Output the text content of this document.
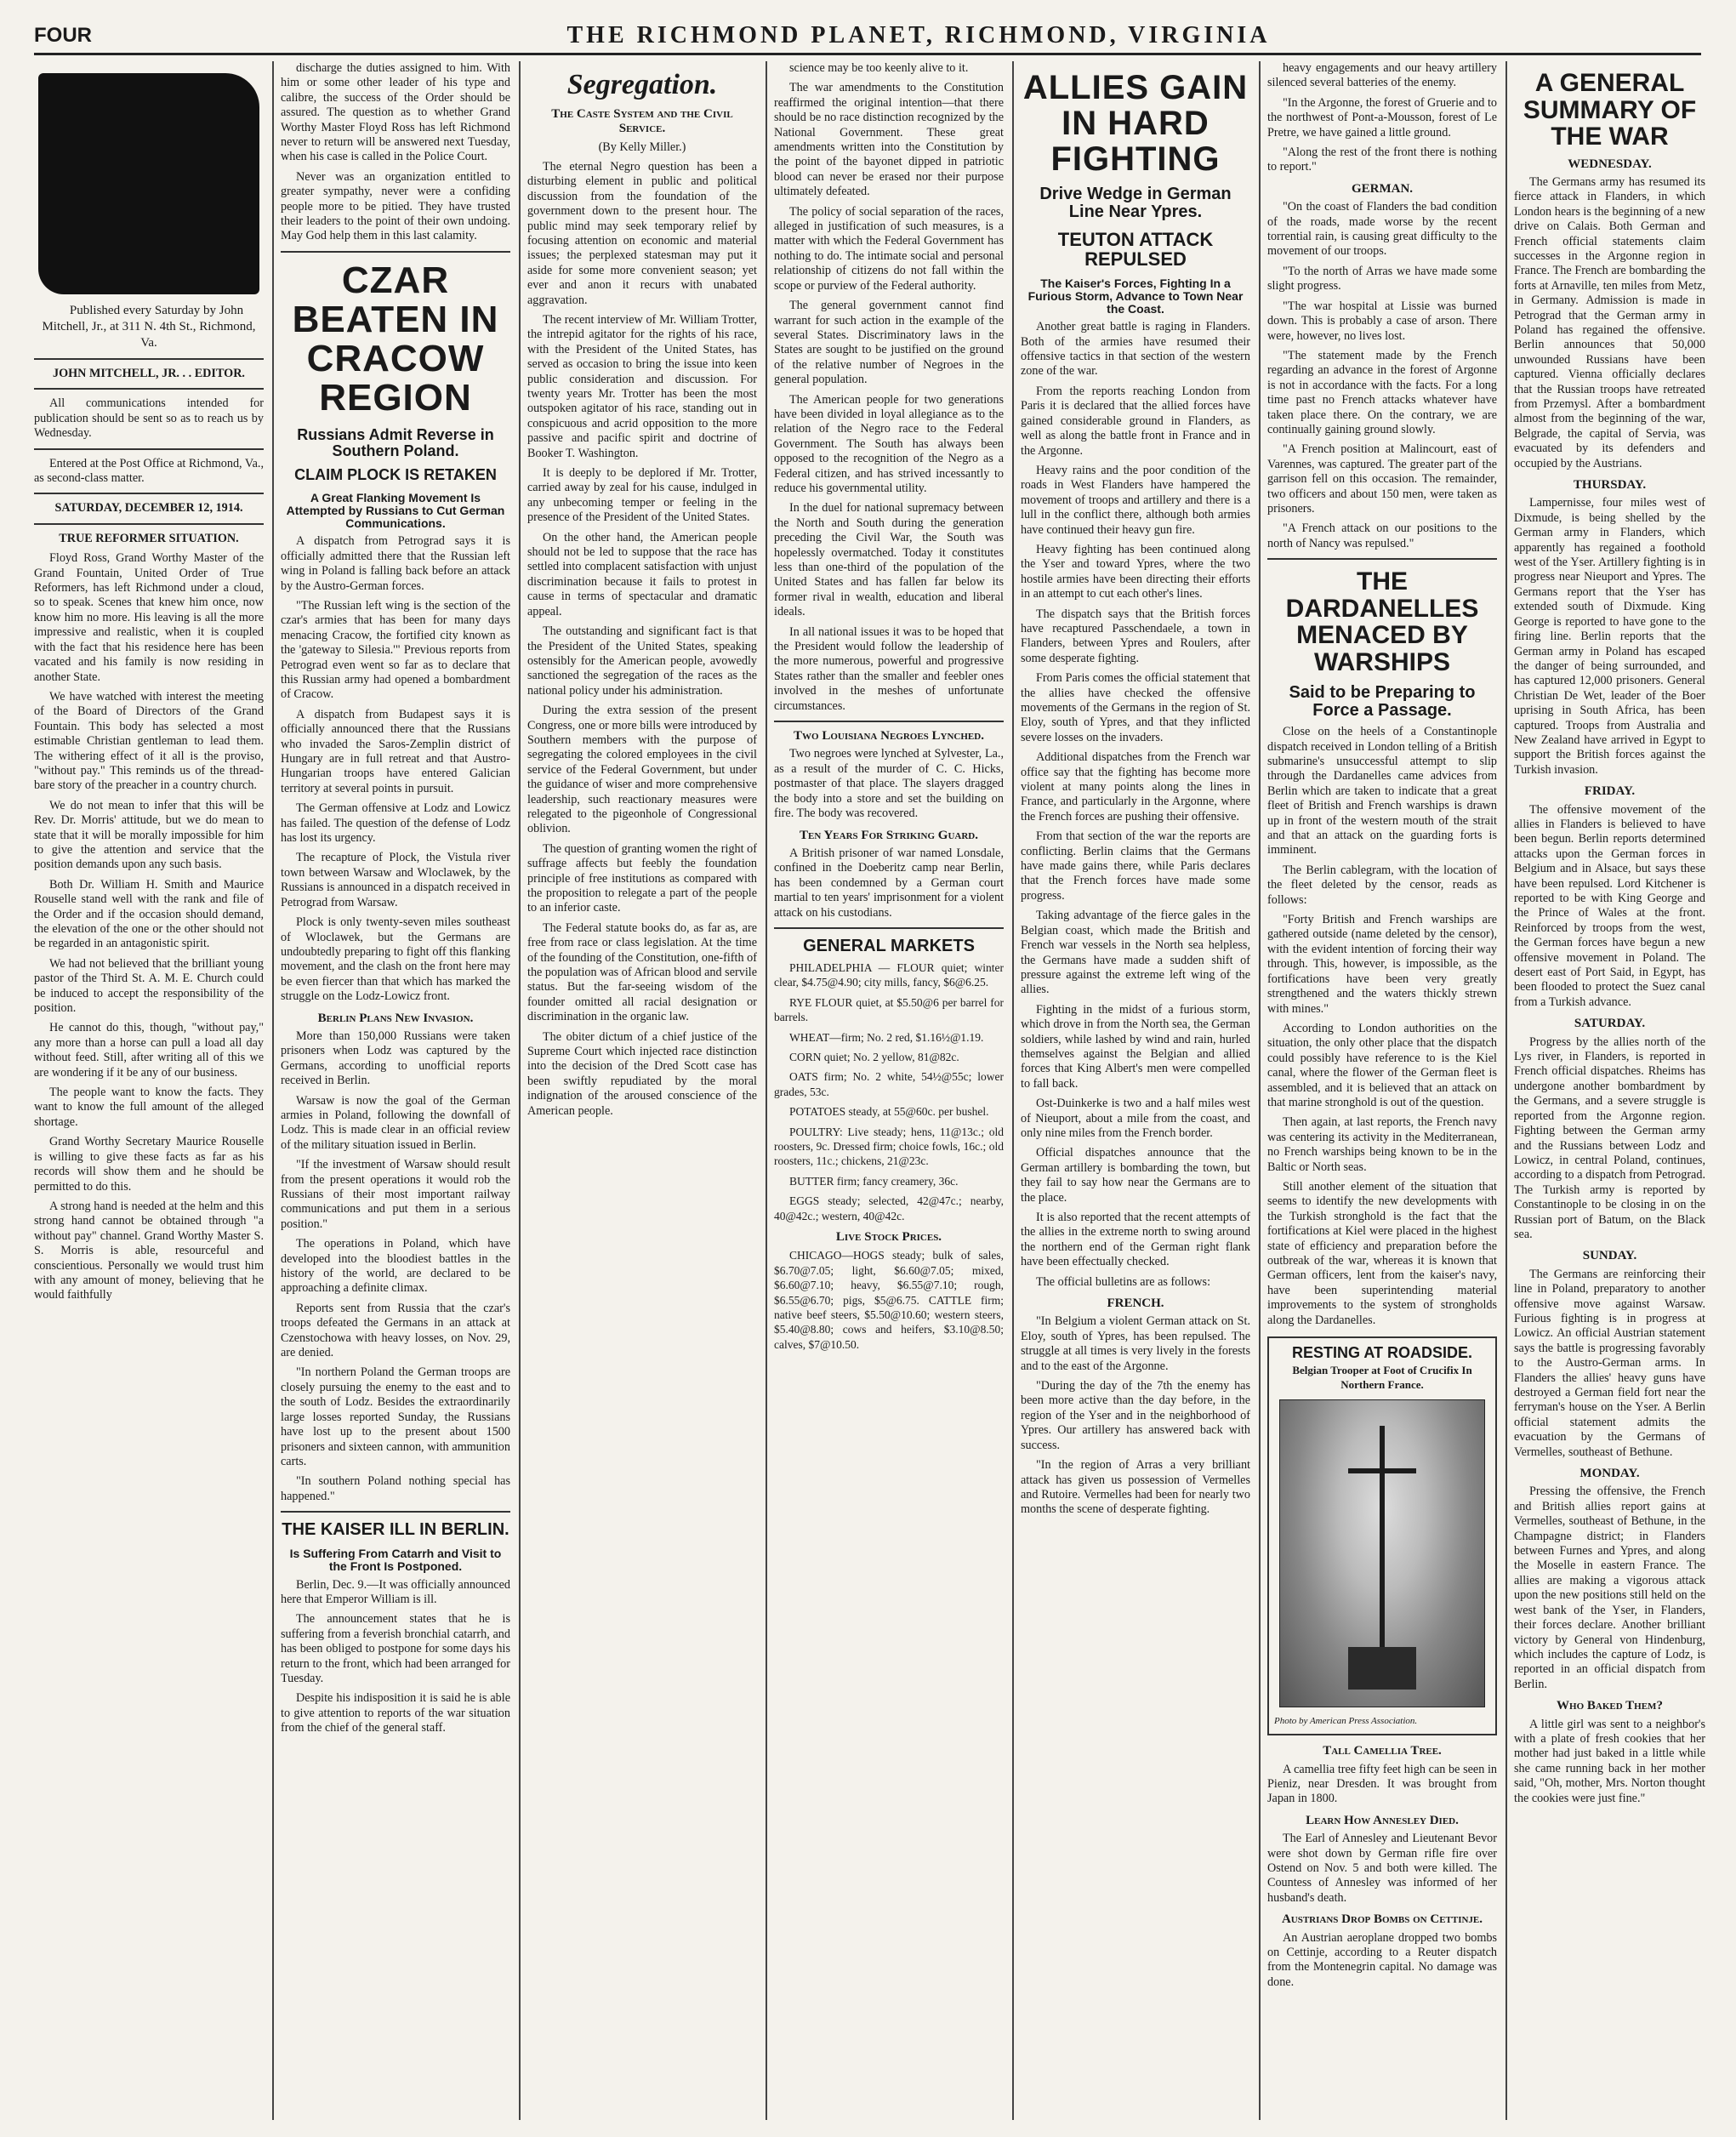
FOUR	THE RICHMOND PLANET, RICHMOND, VIRGINIA

Published every Saturday by John Mitchell, Jr., at 311 N. 4th St., Richmond, Va.

JOHN MITCHELL, JR. . . EDITOR.

All communications intended for publication should be sent so as to reach us by Wednesday.

Entered at the Post Office at Richmond, Va., as second-class matter.

SATURDAY, DECEMBER 12, 1914.

TRUE REFORMER SITUATION.

Floyd Ross, Grand Worthy Master of the Grand Fountain, United Order of True Reformers, has left Richmond under a cloud, so to speak. Scenes that knew him once, now know him no more. His leaving is all the more impressive and realistic, when it is coupled with the fact that his residence here has been vacated and his family is now residing in another State.

We have watched with interest the meeting of the Board of Directors of the Grand Fountain. This body has selected a most estimable Christian gentleman to lead them. The withering effect of it all is the proviso, "without pay." This reminds us of the thread-bare story of the preacher in a country church.

We do not mean to infer that this will be Rev. Dr. Morris' attitude, but we do mean to state that it will be morally impossible for him to give the attention and service that the position demands upon any such basis.

Both Dr. William H. Smith and Maurice Rouselle stand well with the rank and file of the Order and if the occasion should demand, the elevation of the one or the other should not be regarded in an antagonistic spirit.

We had not believed that the brilliant young pastor of the Third St. A. M. E. Church could be induced to accept the responsibility of the position.

He cannot do this, though, "without pay," any more than a horse can pull a load all day without feed. Still, after writing all of this we are wondering if it be any of our business.

The people want to know the facts. They want to know the full amount of the alleged shortage.

Grand Worthy Secretary Maurice Rouselle is willing to give these facts as far as his records will show them and he should be permitted to do this.

A strong hand is needed at the helm and this strong hand cannot be obtained through "a without pay" channel. Grand Worthy Master S. S. Morris is able, resourceful and conscientious. Personally we would trust him with any amount of money, believing that he would faithfully

discharge the duties assigned to him. With him or some other leader of his type and calibre, the success of the Order should be assured. The question as to whether Grand Worthy Master Floyd Ross has left Richmond never to return will be answered next Tuesday, when his case is called in the Police Court.

Never was an organization entitled to greater sympathy, never were a confiding people more to be pitied. They have trusted their leaders to the point of their own undoing. May God help them in this last calamity.

CZAR BEATEN IN CRACOW REGION
Russians Admit Reverse in Southern Poland.
CLAIM PLOCK IS RETAKEN
A Great Flanking Movement Is Attempted by Russians to Cut German Communications.

A dispatch from Petrograd says it is officially admitted there that the Russian left wing in Poland is falling back before an attack by the Austro-German forces.

"The Russian left wing is the section of the czar's armies that has been for many days menacing Cracow, the fortified city known as the 'gateway to Silesia.'" Previous reports from Petrograd even went so far as to declare that this Russian army had opened a bombardment of Cracow.

A dispatch from Budapest says it is officially announced there that the Russians who invaded the Saros-Zemplin district of Hungary are in full retreat and that Austro-Hungarian troops have entered Galician territory at several points in pursuit.

The German offensive at Lodz and Lowicz has failed. The question of the defense of Lodz has lost its urgency.

The recapture of Plock, the Vistula river town between Warsaw and Wloclawek, by the Russians is announced in a dispatch received in Petrograd from Warsaw.

Plock is only twenty-seven miles southeast of Wloclawek, but the Germans are undoubtedly preparing to fight off this flanking movement, and the clash on the front here may be even fiercer than that which has marked the struggle on the Lodz-Lowicz front.

Berlin Plans New Invasion.

More than 150,000 Russians were taken prisoners when Lodz was captured by the Germans, according to unofficial reports received in Berlin.

Warsaw is now the goal of the German armies in Poland, following the downfall of Lodz. This is made clear in an official review of the military situation issued in Berlin.

"If the investment of Warsaw should result from the present operations it would rob the Russians of their most important railway communications and put them in a serious position."

The operations in Poland, which have developed into the bloodiest battles in the history of the world, are declared to be approaching a definite climax.

Reports sent from Russia that the czar's troops defeated the Germans in an attack at Czenstochowa with heavy losses, on Nov. 29, are denied.

"In northern Poland the German troops are closely pursuing the enemy to the east and to the south of Lodz. Besides the extraordinarily large losses reported Sunday, the Russians have lost up to the present about 1500 prisoners and sixteen cannon, with ammunition carts.

"In southern Poland nothing special has happened."

THE KAISER ILL IN BERLIN.
Is Suffering From Catarrh and Visit to the Front Is Postponed.

Berlin, Dec. 9.—It was officially announced here that Emperor William is ill.

The announcement states that he is suffering from a feverish bronchial catarrh, and has been obliged to postpone for some days his return to the front, which had been arranged for Tuesday.

Despite his indisposition it is said he is able to give attention to reports of the war situation from the chief of the general staff.

Segregation.
The Caste System and the Civil Service.

(By Kelly Miller.)

The eternal Negro question has been a disturbing element in public and political discussion from the foundation of the government down to the present hour. The public mind may seek temporary relief by focusing attention on economic and material issues; the perplexed statesman may put it aside for some more convenient season; yet ever and anon it recurs with unabated aggravation.

The recent interview of Mr. William Trotter, the intrepid agitator for the rights of his race, with the President of the United States, has served as occasion to bring the issue into keen public consideration and discussion. For twenty years Mr. Trotter has been the most outspoken agitator of his race, standing out in conspicuous and acrid opposition to the more passive and pacific spirit and doctrine of Booker T. Washington.

It is deeply to be deplored if Mr. Trotter, carried away by zeal for his cause, indulged in any unbecoming temper or feeling in the presence of the President of the United States.

On the other hand, the American people should not be led to suppose that the race has settled into complacent satisfaction with unjust discrimination because it fails to protest in cause in terms of spectacular and dramatic appeal.

The outstanding and significant fact is that the President of the United States, speaking ostensibly for the American people, avowedly sanctioned the segregation of the races as the national policy under his administration.

During the extra session of the present Congress, one or more bills were introduced by Southern members with the purpose of segregating the colored employees in the civil service of the Federal Government, but under the guidance of wiser and more comprehensive leadership, such reactionary measures were relegated to the pigeonhole of Congressional oblivion.

The question of granting women the right of suffrage affects but feebly the foundation principle of free institutions as compared with the proposition to relegate a part of the people to an inferior caste.

The Federal statute books do, as far as, are free from race or class legislation. At the time of the founding of the Constitution, one-fifth of the population was of African blood and servile status. But the far-seeing wisdom of the founder omitted all racial designation or discrimination in the organic law.

The obiter dictum of a chief justice of the Supreme Court which injected race distinction into the decision of the Dred Scott case has been swiftly repudiated by the moral indignation of the aroused conscience of the American people.

science may be too keenly alive to it.

The war amendments to the Constitution reaffirmed the original intention—that there should be no race distinction recognized by the National Government. These great amendments written into the Constitution by the point of the bayonet dipped in patriotic blood can never be erased nor their purpose ultimately defeated.

The policy of social separation of the races, alleged in justification of such measures, is a matter with which the Federal Government has nothing to do. The intimate social and personal relationship of citizens do not fall within the scope or purview of the Federal authority.

The general government cannot find warrant for such action in the example of the several States. Discriminatory laws in the States are sought to be justified on the ground of the relative number of Negroes in the general population.

The American people for two generations have been divided in loyal allegiance as to the relation of the Negro race to the Federal Government. The South has always been opposed to the recognition of the Negro as a Federal citizen, and has strived incessantly to reduce his governmental utility.

In the duel for national supremacy between the North and South during the generation preceding the Civil War, the South was hopelessly overmatched. Today it constitutes less than one-third of the population of the United States and has fallen far below its former rival in wealth, education and liberal ideals.

In all national issues it was to be hoped that the President would follow the leadership of the more numerous, powerful and progressive States rather than the smaller and feebler ones involved in the meshes of unfortunate circumstances.

Two Louisiana Negroes Lynched.

Two negroes were lynched at Sylvester, La., as a result of the murder of C. C. Hicks, postmaster of that place. The slayers dragged the body into a store and set the building on fire. The body was recovered.

Ten Years For Striking Guard.

A British prisoner of war named Lonsdale, confined in the Doeberitz camp near Berlin, has been condemned by a German court martial to ten years' imprisonment for a violent attack on his custodians.

GENERAL MARKETS

PHILADELPHIA — FLOUR quiet; winter clear, $4.75@4.90; city mills, fancy, $6@6.25.

RYE FLOUR quiet, at $5.50@6 per barrel for barrels.

WHEAT—firm; No. 2 red, $1.16½@1.19.

CORN quiet; No. 2 yellow, 81@82c.

OATS firm; No. 2 white, 54½@55c; lower grades, 53c.

POTATOES steady, at 55@60c. per bushel.

POULTRY: Live steady; hens, 11@13c.; old roosters, 9c. Dressed firm; choice fowls, 16c.; old roosters, 11c.; chickens, 21@23c.

BUTTER firm; fancy creamery, 36c.

EGGS steady; selected, 42@47c.; nearby, 40@42c.; western, 40@42c.

Live Stock Prices.

CHICAGO—HOGS steady; bulk of sales, $6.70@7.05; light, $6.60@7.05; mixed, $6.60@7.10; heavy, $6.55@7.10; rough, $6.55@6.70; pigs, $5@6.75. CATTLE firm; native beef steers, $5.50@10.60; western steers, $5.40@8.80; cows and heifers, $3.10@8.50; calves, $7@10.50.

ALLIES GAIN IN HARD FIGHTING
Drive Wedge in German Line Near Ypres.
TEUTON ATTACK REPULSED
The Kaiser's Forces, Fighting In a Furious Storm, Advance to Town Near the Coast.

Another great battle is raging in Flanders. Both of the armies have resumed their offensive tactics in that section of the western zone of the war.

From the reports reaching London from Paris it is declared that the allied forces have gained considerable ground in Flanders, as well as along the battle front in France and in the Argonne.

Heavy rains and the poor condition of the roads in West Flanders have hampered the movement of troops and artillery and there is a lull in the conflict there, although both armies have continued their heavy gun fire.

Heavy fighting has been continued along the Yser and toward Ypres, where the two hostile armies have been directing their efforts in an attempt to cut each other's lines.

The dispatch says that the British forces have recaptured Passchendaele, a town in Flanders, between Ypres and Roulers, after some desperate fighting.

From Paris comes the official statement that the allies have checked the offensive movements of the Germans in the region of St. Eloy, south of Ypres, and that they inflicted severe losses on the invaders.

Additional dispatches from the French war office say that the fighting has become more violent at many points along the lines in France, and particularly in the Argonne, where the French forces are pushing their offensive.

From that section of the war the reports are conflicting. Berlin claims that the Germans have made gains there, while Paris declares that the French forces have made some progress.

Taking advantage of the fierce gales in the Belgian coast, which made the British and French war vessels in the North sea helpless, the Germans have made a sudden shift of pressure against the extreme left wing of the allies.

Fighting in the midst of a furious storm, which drove in from the North sea, the German soldiers, while lashed by wind and rain, hurled themselves against the Belgian and allied forces that King Albert's men were compelled to fall back.

Ost-Duinkerke is two and a half miles west of Nieuport, about a mile from the coast, and only nine miles from the French border.

Official dispatches announce that the German artillery is bombarding the town, but they fail to say how near the Germans are to the place.

It is also reported that the recent attempts of the allies in the extreme north to swing around the northern end of the German right flank have been effectually checked.

The official bulletins are as follows:

FRENCH.

"In Belgium a violent German attack on St. Eloy, south of Ypres, has been repulsed. The struggle at all times is very lively in the forests and to the east of the Argonne.

"During the day of the 7th the enemy has been more active than the day before, in the region of the Yser and in the neighborhood of Ypres. Our artillery has answered back with success.

"In the region of Arras a very brilliant attack has given us possession of Vermelles and Rutoire. Vermelles had been for nearly two months the scene of desperate fighting.

heavy engagements and our heavy artillery silenced several batteries of the enemy.

"In the Argonne, the forest of Gruerie and to the northwest of Pont-a-Mousson, forest of Le Pretre, we have gained a little ground.

"Along the rest of the front there is nothing to report."

GERMAN.

"On the coast of Flanders the bad condition of the roads, made worse by the recent torrential rain, is causing great difficulty to the movement of our troops.

"To the north of Arras we have made some slight progress.

"The war hospital at Lissie was burned down. This is probably a case of arson. There were, however, no lives lost.

"The statement made by the French regarding an advance in the forest of Argonne is not in accordance with the facts. For a long time past no French attacks whatever have taken place there. On the contrary, we are continually gaining ground slowly.

"A French position at Malincourt, east of Varennes, was captured. The greater part of the garrison fell on this occasion. The remainder, two officers and about 150 men, were taken as prisoners.

"A French attack on our positions to the north of Nancy was repulsed."

THE DARDANELLES MENACED BY WARSHIPS
Said to be Preparing to Force a Passage.

Close on the heels of a Constantinople dispatch received in London telling of a British submarine's unsuccessful attempt to slip through the Dardanelles came advices from Berlin which are taken to indicate that a great fleet of British and French warships is drawn up in front of the western mouth of the strait and that an attack on the guarding forts is imminent.

The Berlin cablegram, with the location of the fleet deleted by the censor, reads as follows:

"Forty British and French warships are gathered outside (name deleted by the censor), with the evident intention of forcing their way through. This, however, is impossible, as the fortifications have been very greatly strengthened and the waters thickly strewn with mines."

According to London authorities on the situation, the only other place that the dispatch could possibly have reference to is the Kiel canal, where the flower of the German fleet is assembled, and it is believed that an attack on that marine stronghold is out of the question.

Then again, at last reports, the French navy was centering its activity in the Mediterranean, no French warships being known to be in the Baltic or North seas.

Still another element of the situation that seems to identify the new developments with the Turkish stronghold is the fact that the fortifications at Kiel were placed in the highest state of efficiency and preparation before the outbreak of the war, whereas it is known that German officers, lent from the kaiser's navy, have been superintending material improvements to the system of strongholds along the Dardanelles.

RESTING AT ROADSIDE.
Belgian Trooper at Foot of Crucifix In Northern France.
Photo by American Press Association.
Tall Camellia Tree.

A camellia tree fifty feet high can be seen in Pieniz, near Dresden. It was brought from Japan in 1800.

Learn How Annesley Died.

The Earl of Annesley and Lieutenant Bevor were shot down by German rifle fire over Ostend on Nov. 5 and both were killed. The Countess of Annesley was informed of her husband's death.

Austrians Drop Bombs on Cettinje.

An Austrian aeroplane dropped two bombs on Cettinje, according to a Reuter dispatch from the Montenegrin capital. No damage was done.

A GENERAL SUMMARY OF THE WAR
WEDNESDAY.

The Germans army has resumed its fierce attack in Flanders, in which London hears is the beginning of a new drive on Calais. Both German and French official statements claim successes in the Argonne region in France. The French are bombarding the forts at Arnaville, ten miles from Metz, in Germany. Admission is made in Petrograd that the German army in Poland has regained the offensive. Berlin announces that 50,000 unwounded Russians have been captured. Vienna officially declares that the Russian troops have retreated from Przemysl. After a bombardment almost from the beginning of the war, Belgrade, the capital of Servia, was evacuated by its defenders and occupied by the Austrians.

THURSDAY.

Lampernisse, four miles west of Dixmude, is being shelled by the German army in Flanders, which apparently has regained a foothold west of the Yser. Artillery fighting is in progress near Nieuport and Ypres. The Germans report that the Yser has extended south of Dixmude. King George is reported to have gone to the firing line. Berlin reports that the German army in Poland has escaped the danger of being surrounded, and has captured 12,000 prisoners. General Christian De Wet, leader of the Boer uprising in South Africa, has been captured. Troops from Australia and New Zealand have arrived in Egypt to support the British forces against the Turkish invasion.

FRIDAY.

The offensive movement of the allies in Flanders is believed to have been begun. Berlin reports determined attacks upon the German forces in Belgium and in Alsace, but says these have been repulsed. Lord Kitchener is reported to be with King George and the Prince of Wales at the front. Reinforced by troops from the west, the German forces have begun a new offensive movement in Poland. The desert east of Port Said, in Egypt, has been flooded to protect the Suez canal from a Turkish advance.

SATURDAY.

Progress by the allies north of the Lys river, in Flanders, is reported in French official dispatches. Rheims has undergone another bombardment by the Germans, and a severe struggle is reported from the Argonne region. Fighting between the German army and the Russians between Lodz and Lowicz, in central Poland, continues, according to a dispatch from Petrograd. The Turkish army is reported by Constantinople to be closing in on the Russian port of Batum, on the Black sea.

SUNDAY.

The Germans are reinforcing their line in Poland, preparatory to another offensive move against Warsaw. Furious fighting is in progress at Lowicz. An official Austrian statement says the battle is progressing favorably to the Austro-German arms. In Flanders the allies' heavy guns have destroyed a German field fort near the ferryman's house on the Yser. A Berlin official statement admits the evacuation by the Germans of Vermelles, southeast of Bethune.

MONDAY.

Pressing the offensive, the French and British allies report gains at Vermelles, southeast of Bethune, in the Champagne district; in Flanders between Furnes and Ypres, and along the Moselle in eastern France. The allies are making a vigorous attack upon the new positions still held on the west bank of the Yser, in Flanders, their forces declare. Another brilliant victory by General von Hindenburg, which includes the capture of Lodz, is reported in an official dispatch from Berlin.

Who Baked Them?

A little girl was sent to a neighbor's with a plate of fresh cookies that her mother had just baked in a little while she came running back in her mother said, "Oh, mother, Mrs. Norton thought the cookies were just fine."
